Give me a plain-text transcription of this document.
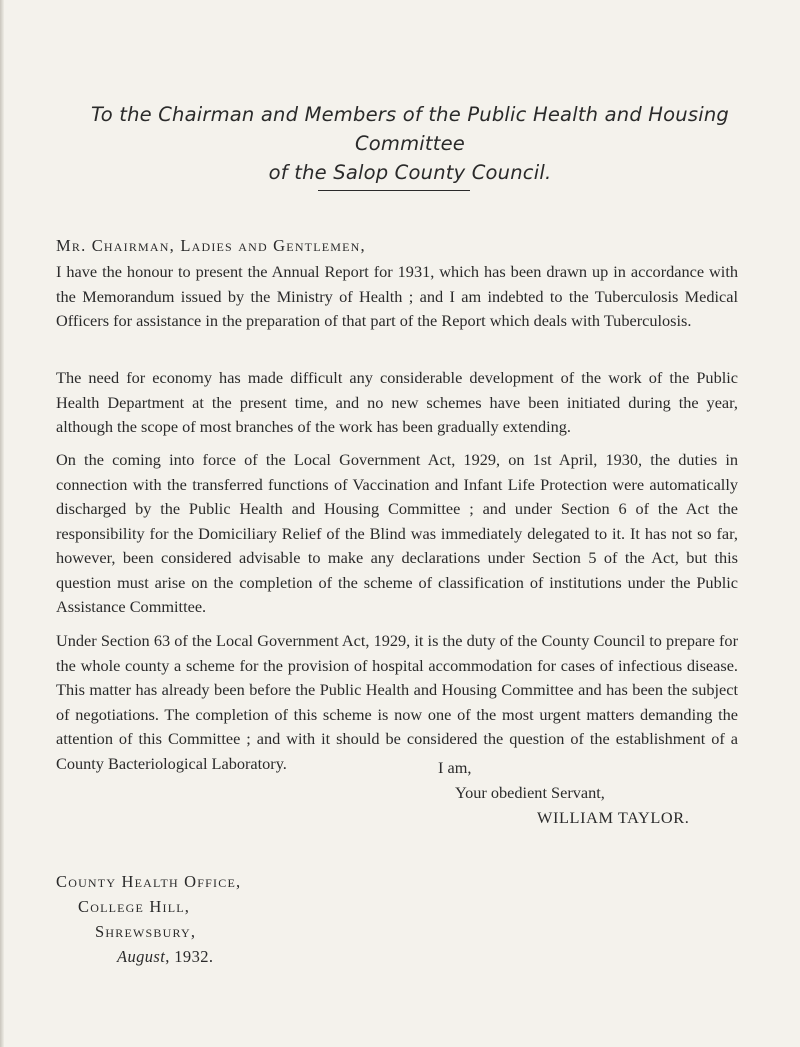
To the Chairman and Members of the Public Health and Housing Committee
of the Salop County Council.
Mr. Chairman, Ladies and Gentlemen,
I have the honour to present the Annual Report for 1931, which has been drawn up in accordance with the Memorandum issued by the Ministry of Health ; and I am indebted to the Tuberculosis Medical Officers for assistance in the preparation of that part of the Report which deals with Tuberculosis.
The need for economy has made difficult any considerable development of the work of the Public Health Department at the present time, and no new schemes have been initiated during the year, although the scope of most branches of the work has been gradually extending.
On the coming into force of the Local Government Act, 1929, on 1st April, 1930, the duties in connection with the transferred functions of Vaccination and Infant Life Protection were automatically discharged by the Public Health and Housing Committee ; and under Section 6 of the Act the responsibility for the Domiciliary Relief of the Blind was immediately delegated to it. It has not so far, however, been considered advisable to make any declarations under Section 5 of the Act, but this question must arise on the completion of the scheme of classification of institutions under the Public Assistance Committee.
Under Section 63 of the Local Government Act, 1929, it is the duty of the County Council to prepare for the whole county a scheme for the provision of hospital accommodation for cases of infectious disease. This matter has already been before the Public Health and Housing Committee and has been the subject of negotiations. The completion of this scheme is now one of the most urgent matters demanding the attention of this Committee ; and with it should be considered the question of the establishment of a County Bacteriological Laboratory.	I am,
Your obedient Servant,
WILLIAM TAYLOR.
County Health Office,
College Hill,
Shrewsbury,
August, 1932.
